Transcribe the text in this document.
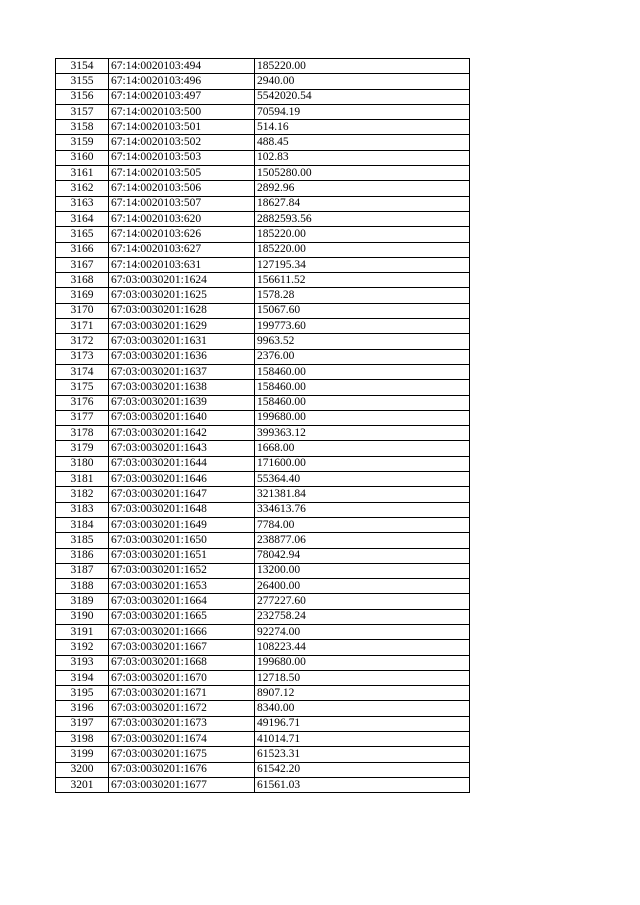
3154	67:14:0020103:494	185220.00
3155	67:14:0020103:496	2940.00
3156	67:14:0020103:497	5542020.54
3157	67:14:0020103:500	70594.19
3158	67:14:0020103:501	514.16
3159	67:14:0020103:502	488.45
3160	67:14:0020103:503	102.83
3161	67:14:0020103:505	1505280.00
3162	67:14:0020103:506	2892.96
3163	67:14:0020103:507	18627.84
3164	67:14:0020103:620	2882593.56
3165	67:14:0020103:626	185220.00
3166	67:14:0020103:627	185220.00
3167	67:14:0020103:631	127195.34
3168	67:03:0030201:1624	156611.52
3169	67:03:0030201:1625	1578.28
3170	67:03:0030201:1628	15067.60
3171	67:03:0030201:1629	199773.60
3172	67:03:0030201:1631	9963.52
3173	67:03:0030201:1636	2376.00
3174	67:03:0030201:1637	158460.00
3175	67:03:0030201:1638	158460.00
3176	67:03:0030201:1639	158460.00
3177	67:03:0030201:1640	199680.00
3178	67:03:0030201:1642	399363.12
3179	67:03:0030201:1643	1668.00
3180	67:03:0030201:1644	171600.00
3181	67:03:0030201:1646	55364.40
3182	67:03:0030201:1647	321381.84
3183	67:03:0030201:1648	334613.76
3184	67:03:0030201:1649	7784.00
3185	67:03:0030201:1650	238877.06
3186	67:03:0030201:1651	78042.94
3187	67:03:0030201:1652	13200.00
3188	67:03:0030201:1653	26400.00
3189	67:03:0030201:1664	277227.60
3190	67:03:0030201:1665	232758.24
3191	67:03:0030201:1666	92274.00
3192	67:03:0030201:1667	108223.44
3193	67:03:0030201:1668	199680.00
3194	67:03:0030201:1670	12718.50
3195	67:03:0030201:1671	8907.12
3196	67:03:0030201:1672	8340.00
3197	67:03:0030201:1673	49196.71
3198	67:03:0030201:1674	41014.71
3199	67:03:0030201:1675	61523.31
3200	67:03:0030201:1676	61542.20
3201	67:03:0030201:1677	61561.03
